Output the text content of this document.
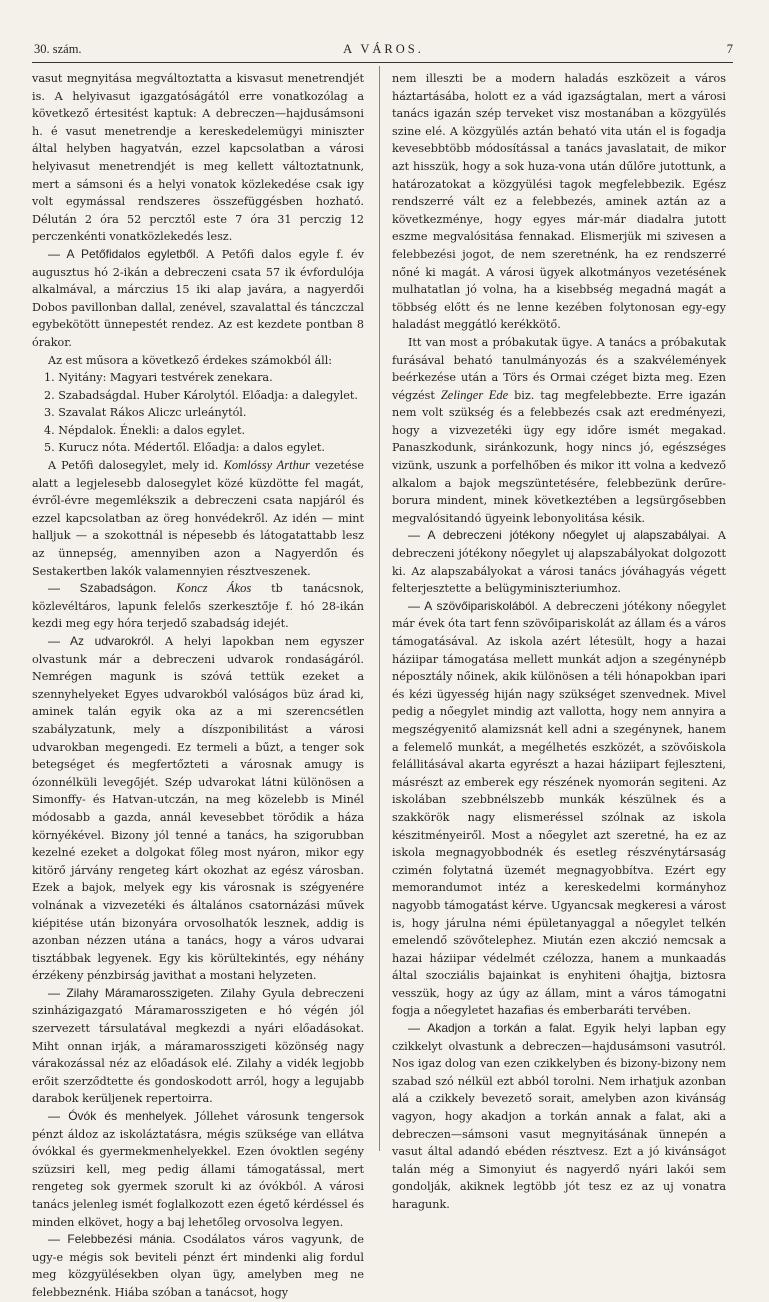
30. szám.	A VÁROS.	7

vasut megnyitása megváltoztatta a kisvasut menetrendjét is. A helyivasut igazgatóságától erre vonatkozólag a következő értesitést kaptuk: A debreczen—hajdusámsoni h. é vasut menetrendje a kereskedelemügyi miniszter által helyben hagyatván, ezzel kapcsolatban a városi helyivasut menetrendjét is meg kellett változtatnunk, mert a sámsoni és a helyi vonatok közlekedése csak igy volt egymással rendszeres összefüggésben hozható. Délután 2 óra 52 percztől este 7 óra 31 perczig 12 perczenkénti vonatközlekedés lesz.

— A Petőfidalos egyletből. A Petőfi dalos egyle f. év augusztus hó 2-ikán a debreczeni csata 57 ik évfordulója alkalmával, a márczius 15 iki alap javára, a nagyerdői Dobos pavillonban dallal, zenével, szavalattal és tánczczal egybekötött ünnepestét rendez. Az est kezdete pontban 8 órakor.

Az est műsora a következő érdekes számokból áll:

1. Nyitány: Magyari testvérek zenekara.

2. Szabadságdal. Huber Károlytól. Előadja: a dalegylet.

3. Szavalat Rákos Aliczc urleánytól.

4. Népdalok. Énekli: a dalos egylet.

5. Kurucz nóta. Médertől. Előadja: a dalos egylet.

A Petőfi dalosegylet, mely id. Komlóssy Arthur vezetése alatt a legjelesebb dalosegylet közé küzdötte fel magát, évről-évre megemlékszik a debreczeni csata napjáról és ezzel kapcsolatban az öreg honvédekről. Az idén — mint halljuk — a szokottnál is népesebb és látogatattabb lesz az ünnepség, amennyiben azon a Nagyerdőn és Sestakertben lakók valamennyien résztveszenek.

— Szabadságon. Koncz Ákos tb tanácsnok, közlevéltáros, lapunk felelős szerkesztője f. hó 28-ikán kezdi meg egy hóra terjedő szabadság idejét.

— Az udvarokról. A helyi lapokban nem egyszer olvastunk már a debreczeni udvarok rondaságáról. Nemrégen magunk is szóvá tettük ezeket a szennyhelyeket Egyes udvarokból valóságos büz árad ki, aminek talán egyik oka az a mi szerencsétlen szabályzatunk, mely a díszponibilitást a városi udvarokban megengedi. Ez termeli a bűzt, a tenger sok betegséget és megfertőzteti a városnak amugy is ózonnélküli levegőjét. Szép udvarokat látni különösen a Simonffy- és Hatvan-utczán, na meg közelebb is Minél módosabb a gazda, annál kevesebbet törődik a háza környékével. Bizony jól tenné a tanács, ha szigorubban kezelné ezeket a dolgokat főleg most nyáron, mikor egy kitörő járvány rengeteg kárt okozhat az egész városban. Ezek a bajok, melyek egy kis városnak is szégyenére volnának a vizvezetéki és általános csatornázási művek kiépitése után bizonyára orvosolhatók lesznek, addig is azonban nézzen utána a tanács, hogy a város udvarai tisztábbak legyenek. Egy kis körültekintés, egy néhány érzékeny pénzbirság javithat a mostani helyzeten.

— Zilahy Máramarosszigeten. Zilahy Gyula debreczeni szinházigazgató Máramarosszigeten e hó végén jól szervezett társulatával megkezdi a nyári előadásokat. Miht onnan irják, a máramarosszigeti közönség nagy várakozással néz az előadások elé. Zilahy a vidék legjobb erőit szerződtette és gondoskodott arról, hogy a legujabb darabok kerüljenek repertoirra.

— Óvók és menhelyek. Jóllehet városunk tengersok pénzt áldoz az iskoláztatásra, mégis szüksége van ellátva óvókkal és gyermekmenhelyekkel. Ezen óvoktlen segény szüzsiri kell, meg pedig állami támogatással, mert rengeteg sok gyermek szorult ki az óvókból. A városi tanács jelenleg ismét foglalkozott ezen égető kérdéssel és minden elkövet, hogy a baj lehetőleg orvosolva legyen.

— Felebbezési mánia. Csodálatos város vagyunk, de ugy-e mégis sok beviteli pénzt ért mindenki alig fordul meg közgyülésekben olyan ügy, amelyben meg ne felebbeznénk. Hiába szóban a tanácsot, hogy

nem illeszti be a modern haladás eszközeit a város háztartásába, holott ez a vád igazságtalan, mert a városi tanács igazán szép terveket visz mostanában a közgyülés szine elé. A közgyülés aztán beható vita után el is fogadja kevesebbtöbb módosítással a tanács javaslatait, de mikor azt hisszük, hogy a sok huza-vona után dűlőre jutottunk, a határozatokat a közgyülési tagok megfelebbezik. Egész rendszerré vált ez a felebbezés, aminek aztán az a következménye, hogy egyes már-már diadalra jutott eszme megvalósitása fennakad. Elismerjük mi szivesen a felebbezési jogot, de nem szeretnénk, ha ez rendszerré nőné ki magát. A városi ügyek alkotmányos vezetésének mulhatatlan jó volna, ha a kisebbség megadná magát a többség előtt és ne lenne kezében folytonosan egy-egy haladást meggátló kerékkötő.

Itt van most a próbakutak ügye. A tanács a próbakutak furásával beható tanulmányozás és a szakvélemények beérkezése után a Törs és Ormai czéget bizta meg. Ezen végzést Zelinger Ede biz. tag megfelebbezte. Erre igazán nem volt szükség és a felebbezés csak azt eredményezi, hogy a vizvezetéki ügy egy időre ismét megakad. Panaszkodunk, siránkozunk, hogy nincs jó, egészséges vizünk, uszunk a porfelhőben és mikor itt volna a kedvező alkalom a bajok megszüntetésére, felebbezünk derűre-borura mindent, minek következtében a legsürgősebben megvalósitandó ügyeink lebonyolitása késik.

— A debreczeni jótékony nőegylet uj alapszabályai. A debreczeni jótékony nőegylet uj alapszabályokat dolgozott ki. Az alapszabályokat a városi tanács jóváhagyás végett felterjesztette a belügyminiszteriumhoz.

— A szövőipariskolából. A debreczeni jótékony nőegylet már évek óta tart fenn szövőipariskolát az állam és a város támogatásával. Az iskola azért létesült, hogy a hazai háziipar támogatása mellett munkát adjon a szegénynépb néposztály nőinek, akik különösen a téli hónapokban ipari és kézi ügyesség hiján nagy szükséget szenvednek. Mivel pedig a nőegylet mindig azt vallotta, hogy nem annyira a megszégyenitő alamizsnát kell adni a szegénynek, hanem a felemelő munkát, a megélhetés eszközét, a szövőiskola felállitásával akarta egyrészt a hazai háziipart fejleszteni, másrészt az emberek egy részének nyomorán segiteni. Az iskolában szebbnélszebb munkák készülnek és a szakkörök nagy elismeréssel szólnak az iskola készitményeiről. Most a nőegylet azt szeretné, ha ez az iskola megnagyobbodnék és esetleg részvénytársaság czimén folytatná üzemét megnagyobbítva. Ezért egy memorandumot intéz a kereskedelmi kormányhoz nagyobb támogatást kérve. Ugyancsak megkeresi a várost is, hogy járulna némi épületanyaggal a nőegylet telkén emelendő szövőtelephez. Miután ezen akczió nemcsak a hazai háziipar védelmét czélozza, hanem a munkaadás által szocziális bajainkat is enyhiteni óhajtja, biztosra vesszük, hogy az úgy az állam, mint a város támogatni fogja a nőegyletet hazafias és emberbaráti tervében.

— Akadjon a torkán a falat. Egyik helyi lapban egy czikkelyt olvastunk a debreczen—hajdusámsoni vasutról. Nos igaz dolog van ezen czikkelyben és bizony-bizony nem szabad szó nélkül ezt abból torolni. Nem irhatjuk azonban alá a czikkely bevezető sorait, amelyben azon kivánság vagyon, hogy akadjon a torkán annak a falat, aki a debreczen—sámsoni vasut megnyitásának ünnepén a vasut által adandó ebéden résztvesz. Ezt a jó kivánságot talán még a Simonyiut és nagyerdő nyári lakói sem gondolják, akiknek legtöbb jót tesz ez az uj vonatra haragunk.
